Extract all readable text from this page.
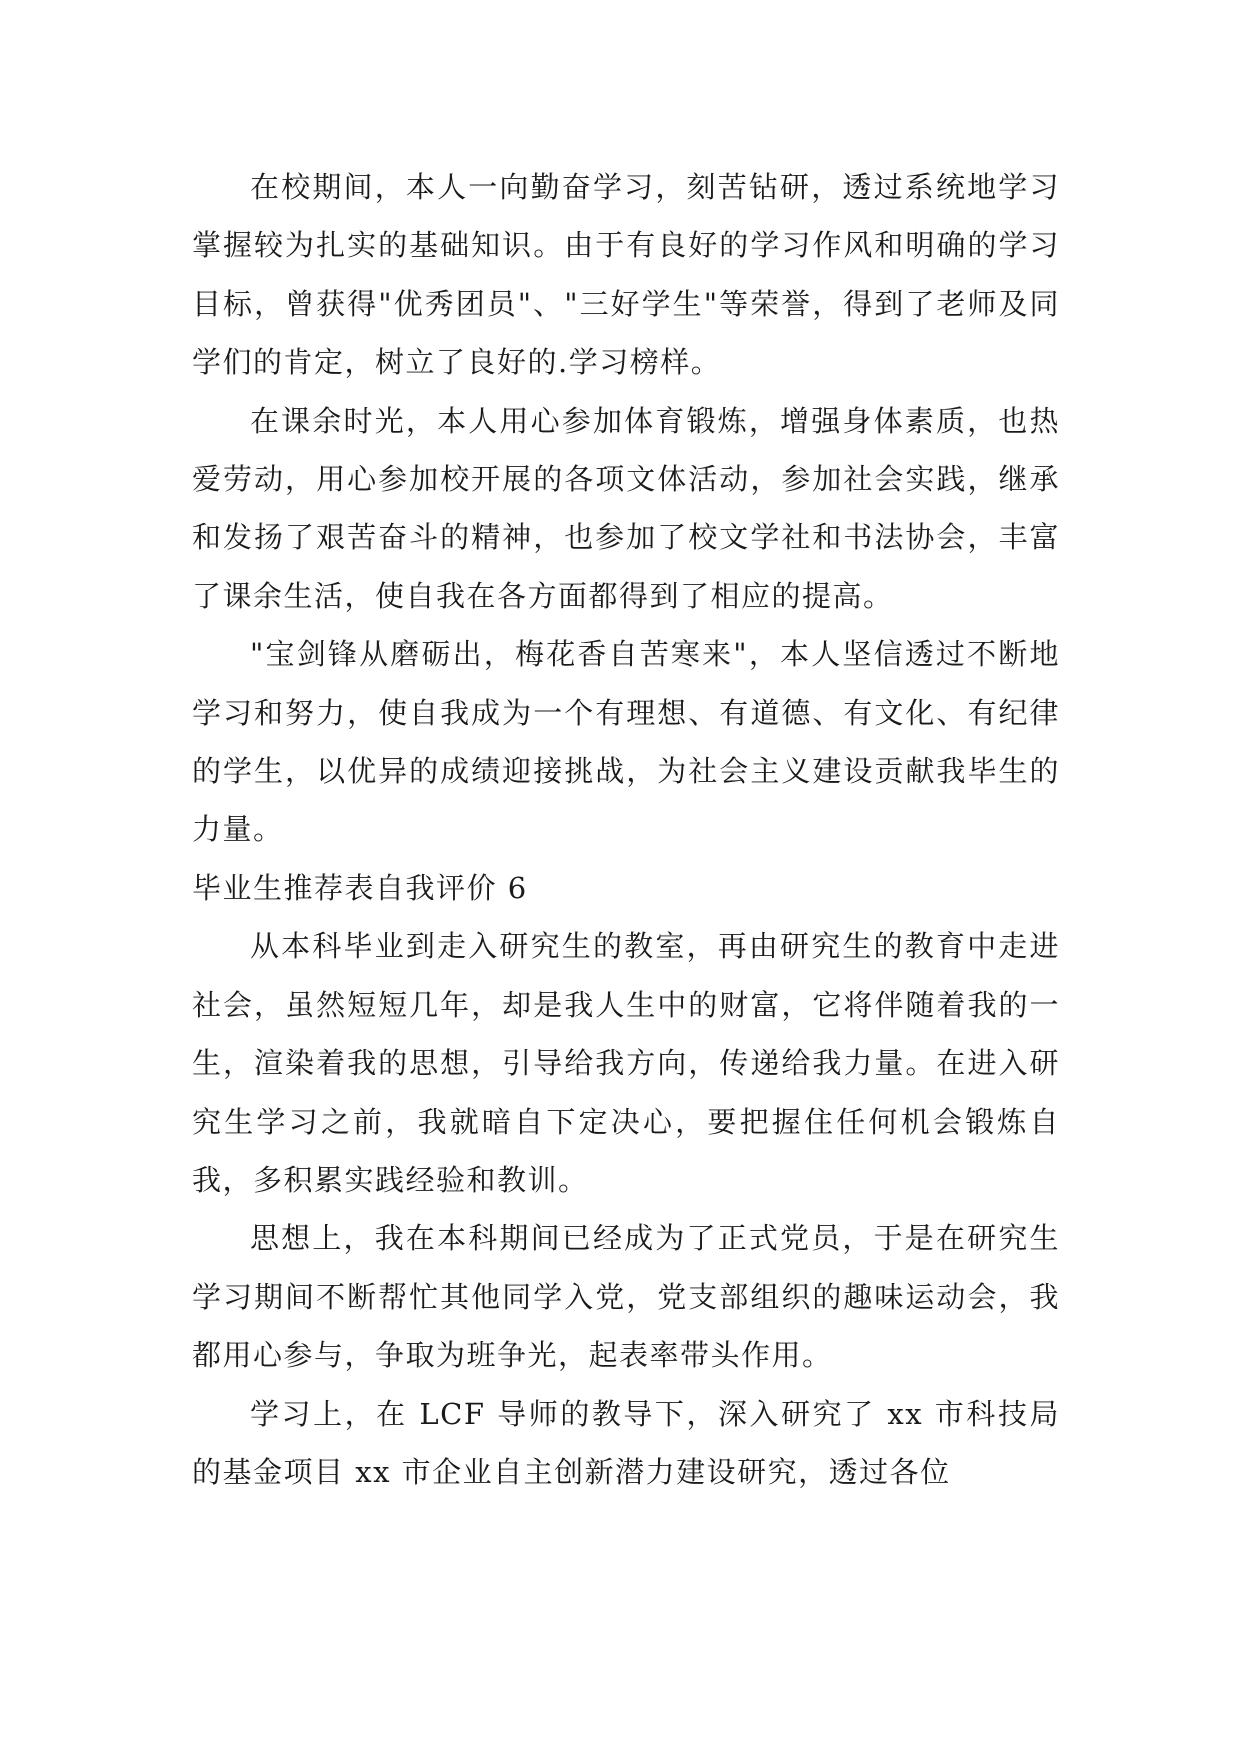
在校期间，本人一向勤奋学习，刻苦钻研，透过系统地学习掌握较为扎实的基础知识。由于有良好的学习作风和明确的学习目标，曾获得"优秀团员"、"三好学生"等荣誉，得到了老师及同学们的肯定，树立了良好的.学习榜样。

在课余时光，本人用心参加体育锻炼，增强身体素质，也热爱劳动，用心参加校开展的各项文体活动，参加社会实践，继承和发扬了艰苦奋斗的精神，也参加了校文学社和书法协会，丰富了课余生活，使自我在各方面都得到了相应的提高。

"宝剑锋从磨砺出，梅花香自苦寒来"，本人坚信透过不断地学习和努力，使自我成为一个有理想、有道德、有文化、有纪律的学生，以优异的成绩迎接挑战，为社会主义建设贡献我毕生的力量。

毕业生推荐表自我评价 6

从本科毕业到走入研究生的教室，再由研究生的教育中走进社会，虽然短短几年，却是我人生中的财富，它将伴随着我的一生，渲染着我的思想，引导给我方向，传递给我力量。在进入研究生学习之前，我就暗自下定决心，要把握住任何机会锻炼自我，多积累实践经验和教训。

思想上，我在本科期间已经成为了正式党员，于是在研究生学习期间不断帮忙其他同学入党，党支部组织的趣味运动会，我都用心参与，争取为班争光，起表率带头作用。

学习上，在 LCF 导师的教导下，深入研究了 xx 市科技局的基金项目 xx 市企业自主创新潜力建设研究，透过各位
